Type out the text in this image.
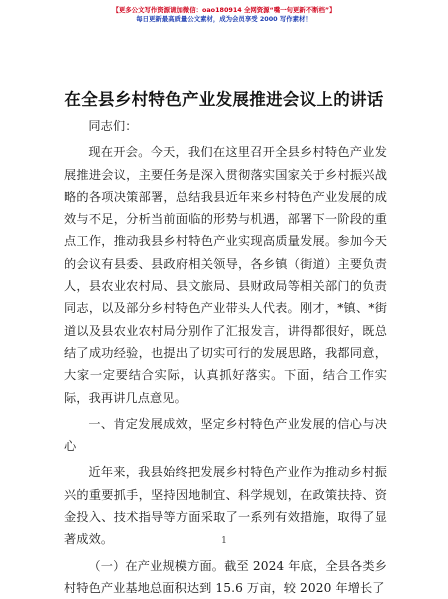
【更多公文写作资源请加微信：oao180914 全网资源“嘴一句更新不断档”】
每日更新最高质量公文素材，成为会员享受 2000 写作素材！
在全县乡村特色产业发展推进会议上的讲话

同志们：

现在开会。今天，我们在这里召开全县乡村特色产业发展推进会议，主要任务是深入贯彻落实国家关于乡村振兴战略的各项决策部署，总结我县近年来乡村特色产业发展的成效与不足，分析当前面临的形势与机遇，部署下一阶段的重点工作，推动我县乡村特色产业实现高质量发展。参加今天的会议有县委、县政府相关领导，各乡镇（街道）主要负责人，县农业农村局、县文旅局、县财政局等相关部门的负责同志，以及部分乡村特色产业带头人代表。刚才，*镇、*街道以及县农业农村局分别作了汇报发言，讲得都很好，既总结了成功经验，也提出了切实可行的发展思路，我都同意，大家一定要结合实际，认真抓好落实。下面，结合工作实际，我再讲几点意见。

一、肯定发展成效，坚定乡村特色产业发展的信心与决心

近年来，我县始终把发展乡村特色产业作为推动乡村振兴的重要抓手，坚持因地制宜、科学规划，在政策扶持、资金投入、技术指导等方面采取了一系列有效措施，取得了显著成效。

（一）在产业规模方面。截至 2024 年底，全县各类乡村特色产业基地总面积达到 15.6 万亩，较 2020 年增长了

1
